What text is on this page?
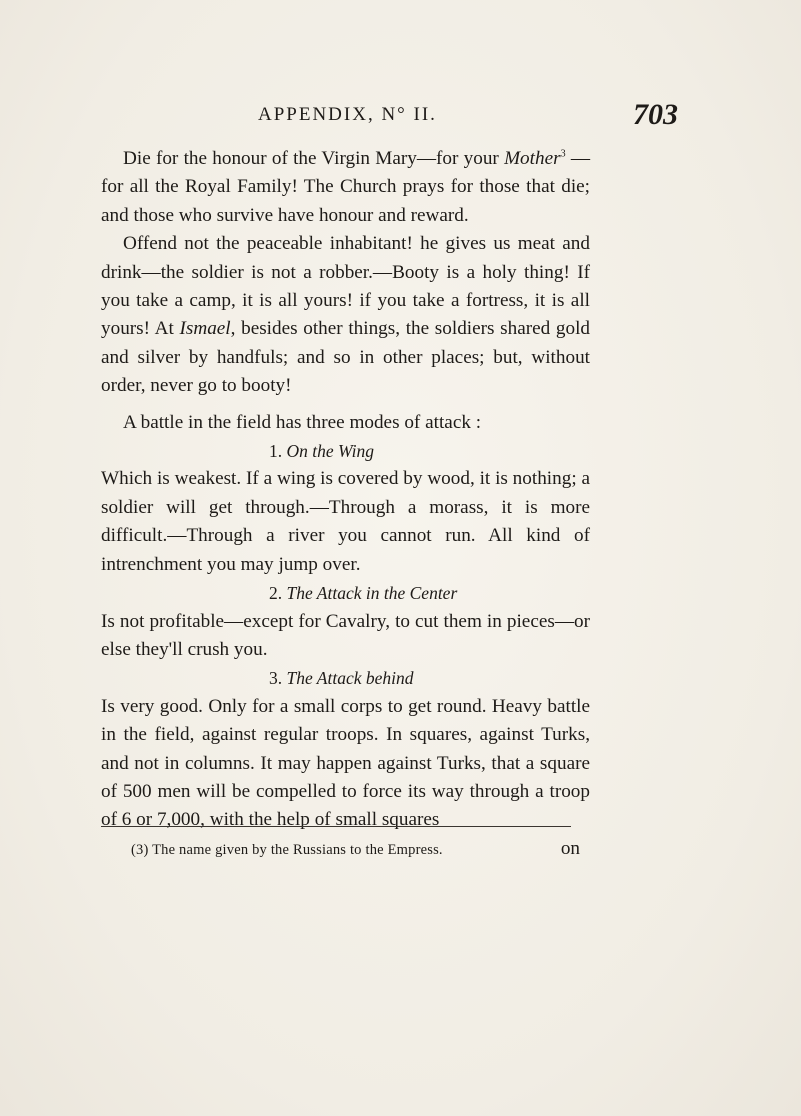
APPENDIX, N° II.	703

Die for the honour of the Virgin Mary—for your Mother$^3$ —for all the Royal Family! The Church prays for those that die; and those who survive have honour and reward.

Offend not the peaceable inhabitant! he gives us meat and drink—the soldier is not a robber.—Booty is a holy thing! If you take a camp, it is all yours! if you take a fortress, it is all yours! At Ismael, besides other things, the soldiers shared gold and silver by handfuls; and so in other places; but, without order, never go to booty!

A battle in the field has three modes of attack :

1. On the Wing

Which is weakest. If a wing is covered by wood, it is nothing; a soldier will get through.—Through a morass, it is more difficult.—Through a river you cannot run. All kind of intrenchment you may jump over.

2. The Attack in the Center

Is not profitable—except for Cavalry, to cut them in pieces—or else they'll crush you.

3. The Attack behind

Is very good. Only for a small corps to get round. Heavy battle in the field, against regular troops. In squares, against Turks, and not in columns. It may happen against Turks, that a square of 500 men will be compelled to force its way through a troop of 6 or 7,000, with the help of small squares

on

(3) The name given by the Russians to the Empress.
